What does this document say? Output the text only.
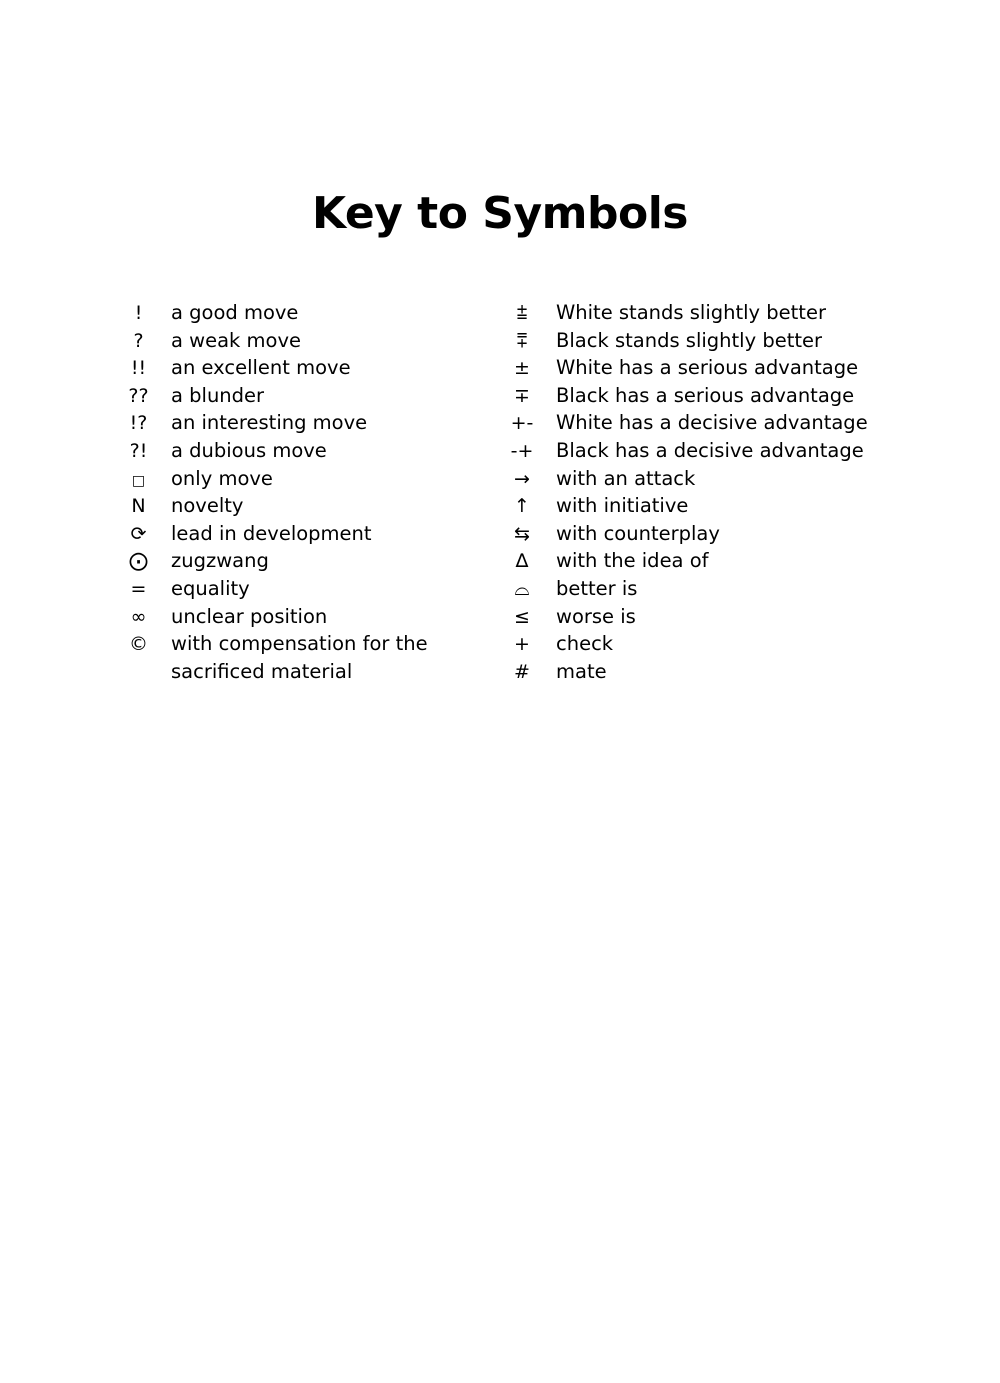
Key to Symbols
!	a good move
?	a weak move
!!	an excellent move
??	a blunder
!?	an interesting move
?!	a dubious move
□	only move
N	novelty
⟳	lead in development
⨀	zugzwang
=	equality
∞	unclear position
©	with compensation for the
sacrificed material
⩲	White stands slightly better
⩱	Black stands slightly better
±	White has a serious advantage
∓	Black has a serious advantage
+-	White has a decisive advantage
-+	Black has a decisive advantage
→	with an attack
↑	with initiative
⇆	with counterplay
∆	with the idea of
⌓	better is
≤	worse is
+	check
#	mate
